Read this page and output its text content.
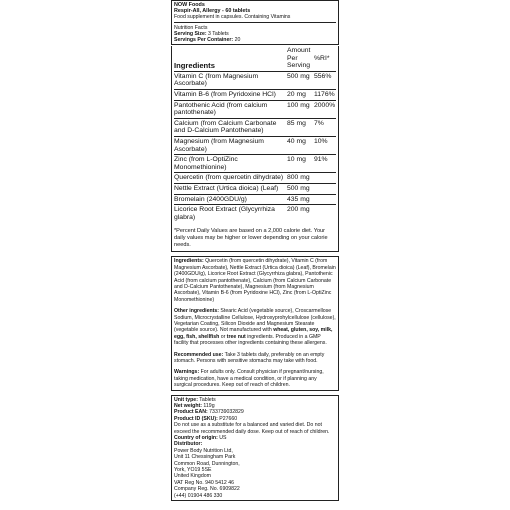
NOW Foods
Respir-All, Allergy - 60 tablets
Food supplement in capsules. Containing Vitamins
Nutrition Facts
Serving Size: 3 Tablets
Servings Per Container: 20
Ingredients	Amount Per Serving	%RI*
Vitamin C (from Magnesium Ascorbate)	500 mg	556%
Vitamin B-6 (from Pyridoxine HCl)	20 mg	1176%
Pantothenic Acid (from calcium pantothenate)	100 mg	2000%
Calcium (from Calcium Carbonate and D-Calcium Pantothenate)	85 mg	7%
Magnesium (from Magnesium Ascorbate)	40 mg	10%
Zinc (from L-OptiZinc Monomethionine)	10 mg	91%
Quercetin (from quercetin dihydrate)	800 mg	
Nettle Extract (Urtica dioica) (Leaf)	500 mg	
Bromelain (2400GDU/g)	435 mg	
Licorice Root Extract (Glycyrrhiza glabra)	200 mg	
*Percent Daily Values are based on a 2,000 calorie diet. Your daily values may be higher or lower depending on your calorie needs.
Ingredients: Quercetin (from quercetin dihydrate), Vitamin C (from Magnesium Ascorbate), Nettle Extract (Urtica dioica) (Leaf), Bromelain (2400GDU/g), Licorice Root Extract (Glycyrrhiza glabra), Pantothenic Acid (from calcium pantothenate), Calcium (from Calcium Carbonate and D-Calcium Pantothenate), Magnesium (from Magnesium Ascorbate), Vitamin B-6 (from Pyridoxine HCl), Zinc (from L-OptiZinc Monomethionine)
Other ingredients: Stearic Acid (vegetable source), Croscarmellose Sodium, Microcrystalline Cellulose, Hydroxyprohylcellulose (cellulose), Vegetarian Coating, Silicon Dioxide and Magnesium Stearate (vegetable source). Not manufactured with wheat, gluten, soy, milk, egg, fish, shellfish or tree nut ingredients. Produced in a GMP facility that processes other ingredients containing these allergens.
Recommended use: Take 3 tablets daily, preferably on an empty stomach. Persons with sensitive stomachs may take with food.
Warnings: For adults only. Consult physician if pregnant/nursing, taking medication, have a medical condition, or if planning any surgical procedures. Keep out of reach of children.
Unit type: Tablets
Net weight: 119g
Product EAN: 733739032829
Product ID (SKU): P27660
Do not use as a substitute for a balanced and varied diet. Do not exceed the recommended daily dose. Keep out of reach of children.
Country of origin: US
Distributor:
Power Body Nutrition Ltd,
Unit 11 Chessingham Park
Common Road, Dunnington,
York, YO19 5SE
United Kingdom
VAT Reg No. 940 5412 46
Company Reg. No. 6909822
(+44) 01904 486 330
